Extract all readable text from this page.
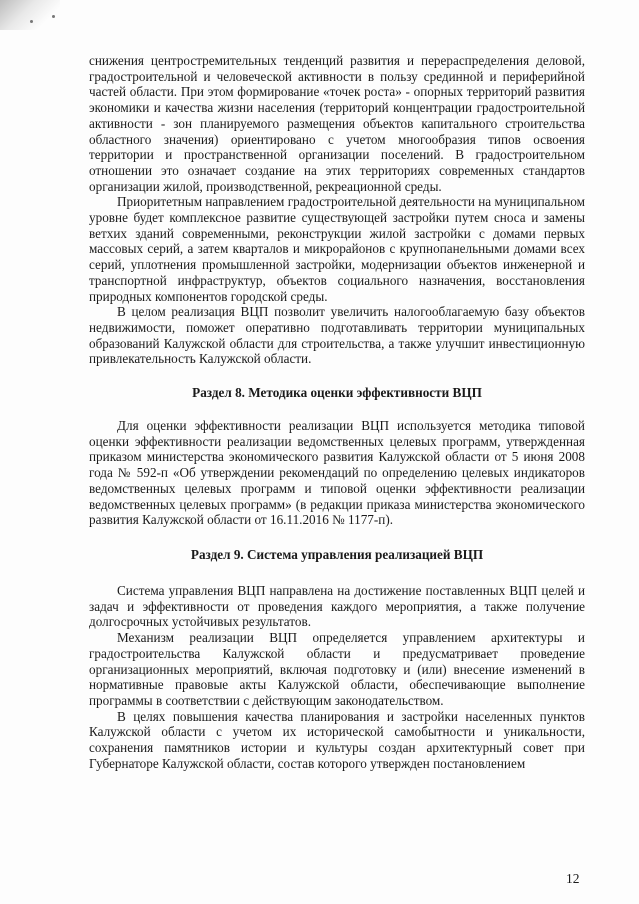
снижения центростремительных тенденций развития и перераспределения деловой, градостроительной и человеческой активности в пользу срединной и периферийной частей области. При этом формирование «точек роста» - опорных территорий развития экономики и качества жизни населения (территорий концентрации градостроительной активности - зон планируемого размещения объектов капитального строительства областного значения) ориентировано с учетом многообразия типов освоения территории и пространственной организации поселений. В градостроительном отношении это означает создание на этих территориях современных стандартов организации жилой, производственной, рекреационной среды.

Приоритетным направлением градостроительной деятельности на муниципальном уровне будет комплексное развитие существующей застройки путем сноса и замены ветхих зданий современными, реконструкции жилой застройки с домами первых массовых серий, а затем кварталов и микрорайонов с крупнопанельными домами всех серий, уплотнения промышленной застройки, модернизации объектов инженерной и транспортной инфраструктур, объектов социального назначения, восстановления природных компонентов городской среды.

В целом реализация ВЦП позволит увеличить налогооблагаемую базу объектов недвижимости, поможет оперативно подготавливать территории муниципальных образований Калужской области для строительства, а также улучшит инвестиционную привлекательность Калужской области.

Раздел 8. Методика оценки эффективности ВЦП

Для оценки эффективности реализации ВЦП используется методика типовой оценки эффективности реализации ведомственных целевых программ, утвержденная приказом министерства экономического развития Калужской области от 5 июня 2008 года № 592-п «Об утверждении рекомендаций по определению целевых индикаторов ведомственных целевых программ и типовой оценки эффективности реализации ведомственных целевых программ» (в редакции приказа министерства экономического развития Калужской области от 16.11.2016 № 1177-п).

Раздел 9. Система управления реализацией ВЦП

Система управления ВЦП направлена на достижение поставленных ВЦП целей и задач и эффективности от проведения каждого мероприятия, а также получение долгосрочных устойчивых результатов.

Механизм реализации ВЦП определяется управлением архитектуры и градостроительства Калужской области и предусматривает проведение организационных мероприятий, включая подготовку и (или) внесение изменений в нормативные правовые акты Калужской области, обеспечивающие выполнение программы в соответствии с действующим законодательством.

В целях повышения качества планирования и застройки населенных пунктов Калужской области с учетом их исторической самобытности и уникальности, сохранения памятников истории и культуры создан архитектурный совет при Губернаторе Калужской области, состав которого утвержден постановлением

12
